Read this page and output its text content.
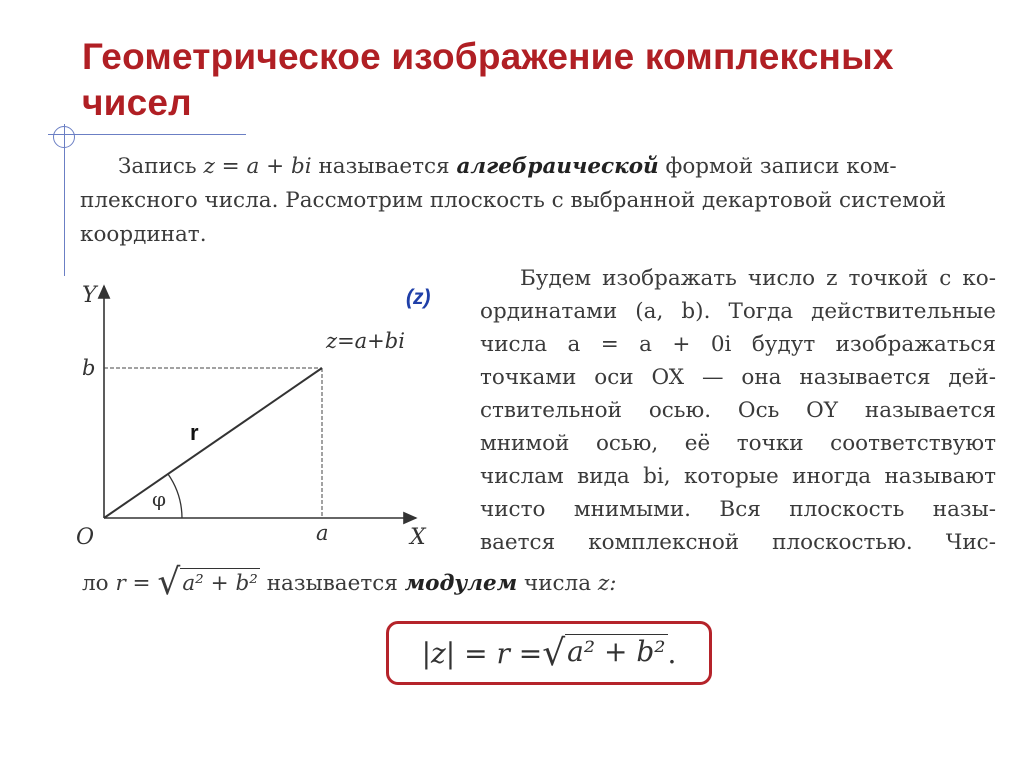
Геометрическое изображение комплексных чисел
Запись z = a + bi называется алгебраической формой записи ком-
плексного числа. Рассмотрим плоскость с выбранной декартовой системой
координат.
Y
X
O	a
b
z=a+bi
r
φ
(z)
Будем изображать число z точкой с ко-
ординатами (a, b). Тогда действительные
числа a = a + 0i будут изображаться
точками оси OX — она называется дей-
ствительной осью. Ось OY называется
мнимой осью, её точки соответствуют
числам вида bi, которые иногда называют
чисто мнимыми. Вся плоскость назы-
вается комплексной плоскостью. Чис-
ло r = √a² + b² называется модулем числа z:
|z| = r = √a² + b² .
